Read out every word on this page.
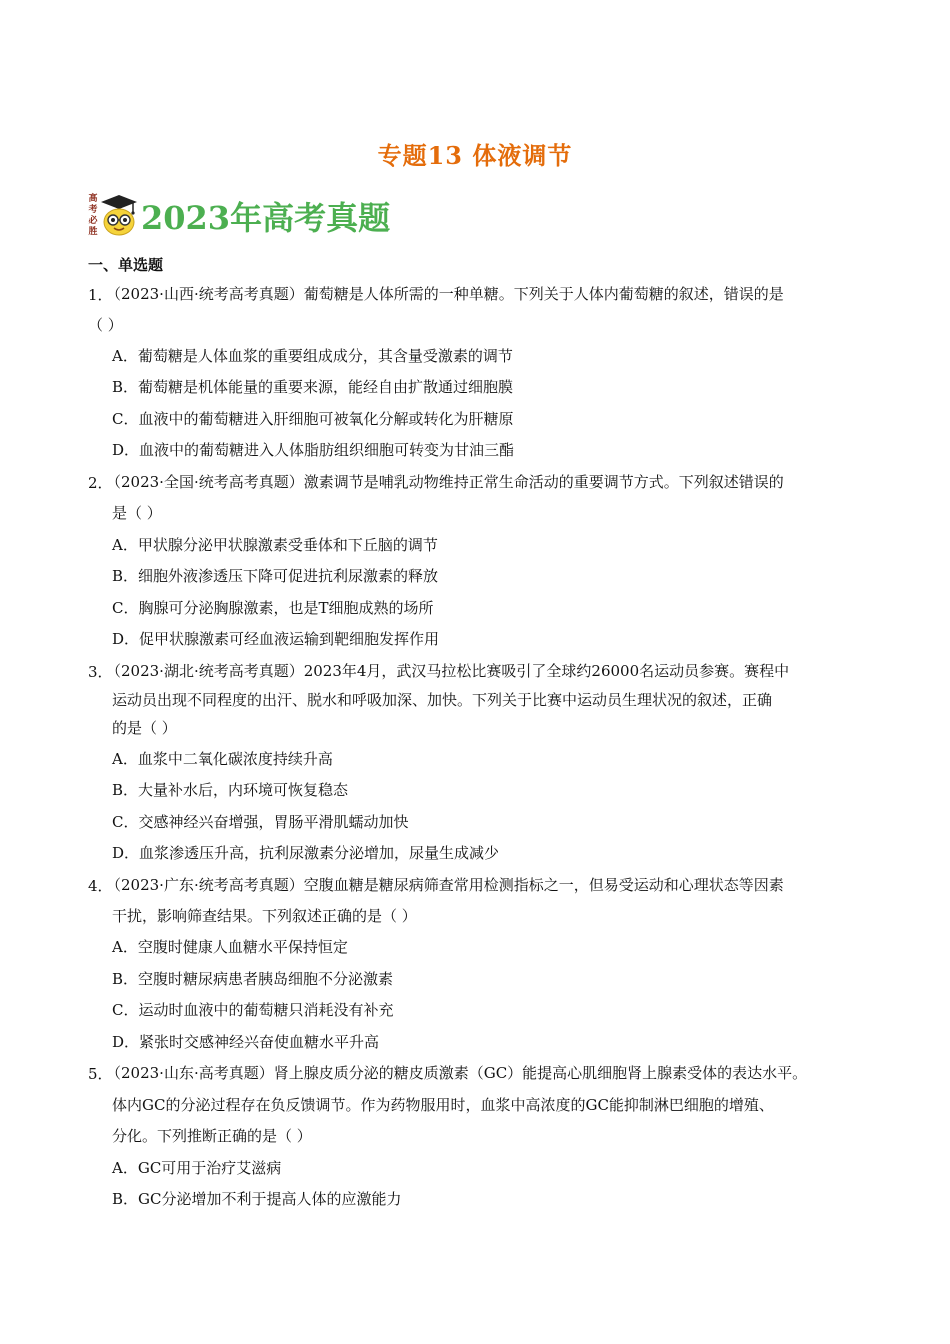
专题13 体液调节
高考必胜 2023年高考真题
一、单选题
1．
（2023·山西·统考高考真题）葡萄糖是人体所需的一种单糖。下列关于人体内葡萄糖的叙述，错误的是
（ ）
A．葡萄糖是人体血浆的重要组成成分，其含量受激素的调节
B．葡萄糖是机体能量的重要来源，能经自由扩散通过细胞膜
C．血液中的葡萄糖进入肝细胞可被氧化分解或转化为肝糖原
D．血液中的葡萄糖进入人体脂肪组织细胞可转变为甘油三酯
2．
（2023·全国·统考高考真题）激素调节是哺乳动物维持正常生命活动的重要调节方式。下列叙述错误的
是（ ）
A．甲状腺分泌甲状腺激素受垂体和下丘脑的调节
B．细胞外液渗透压下降可促进抗利尿激素的释放
C．胸腺可分泌胸腺激素，也是T细胞成熟的场所
D．促甲状腺激素可经血液运输到靶细胞发挥作用
3．
（2023·湖北·统考高考真题）2023年4月，武汉马拉松比赛吸引了全球约26000名运动员参赛。赛程中
运动员出现不同程度的出汗、脱水和呼吸加深、加快。下列关于比赛中运动员生理状况的叙述，正确
的是（ ）
A．血浆中二氧化碳浓度持续升高
B．大量补水后，内环境可恢复稳态
C．交感神经兴奋增强，胃肠平滑肌蠕动加快
D．血浆渗透压升高，抗利尿激素分泌增加，尿量生成减少
4．
（2023·广东·统考高考真题）空腹血糖是糖尿病筛查常用检测指标之一，但易受运动和心理状态等因素
干扰，影响筛查结果。下列叙述正确的是（ ）
A．空腹时健康人血糖水平保持恒定
B．空腹时糖尿病患者胰岛细胞不分泌激素
C．运动时血液中的葡萄糖只消耗没有补充
D．紧张时交感神经兴奋使血糖水平升高
5．
（2023·山东·高考真题）肾上腺皮质分泌的糖皮质激素（GC）能提高心肌细胞肾上腺素受体的表达水平。
体内GC的分泌过程存在负反馈调节。作为药物服用时，血浆中高浓度的GC能抑制淋巴细胞的增殖、
分化。下列推断正确的是（ ）
A．GC可用于治疗艾滋病
B．GC分泌增加不利于提高人体的应激能力
